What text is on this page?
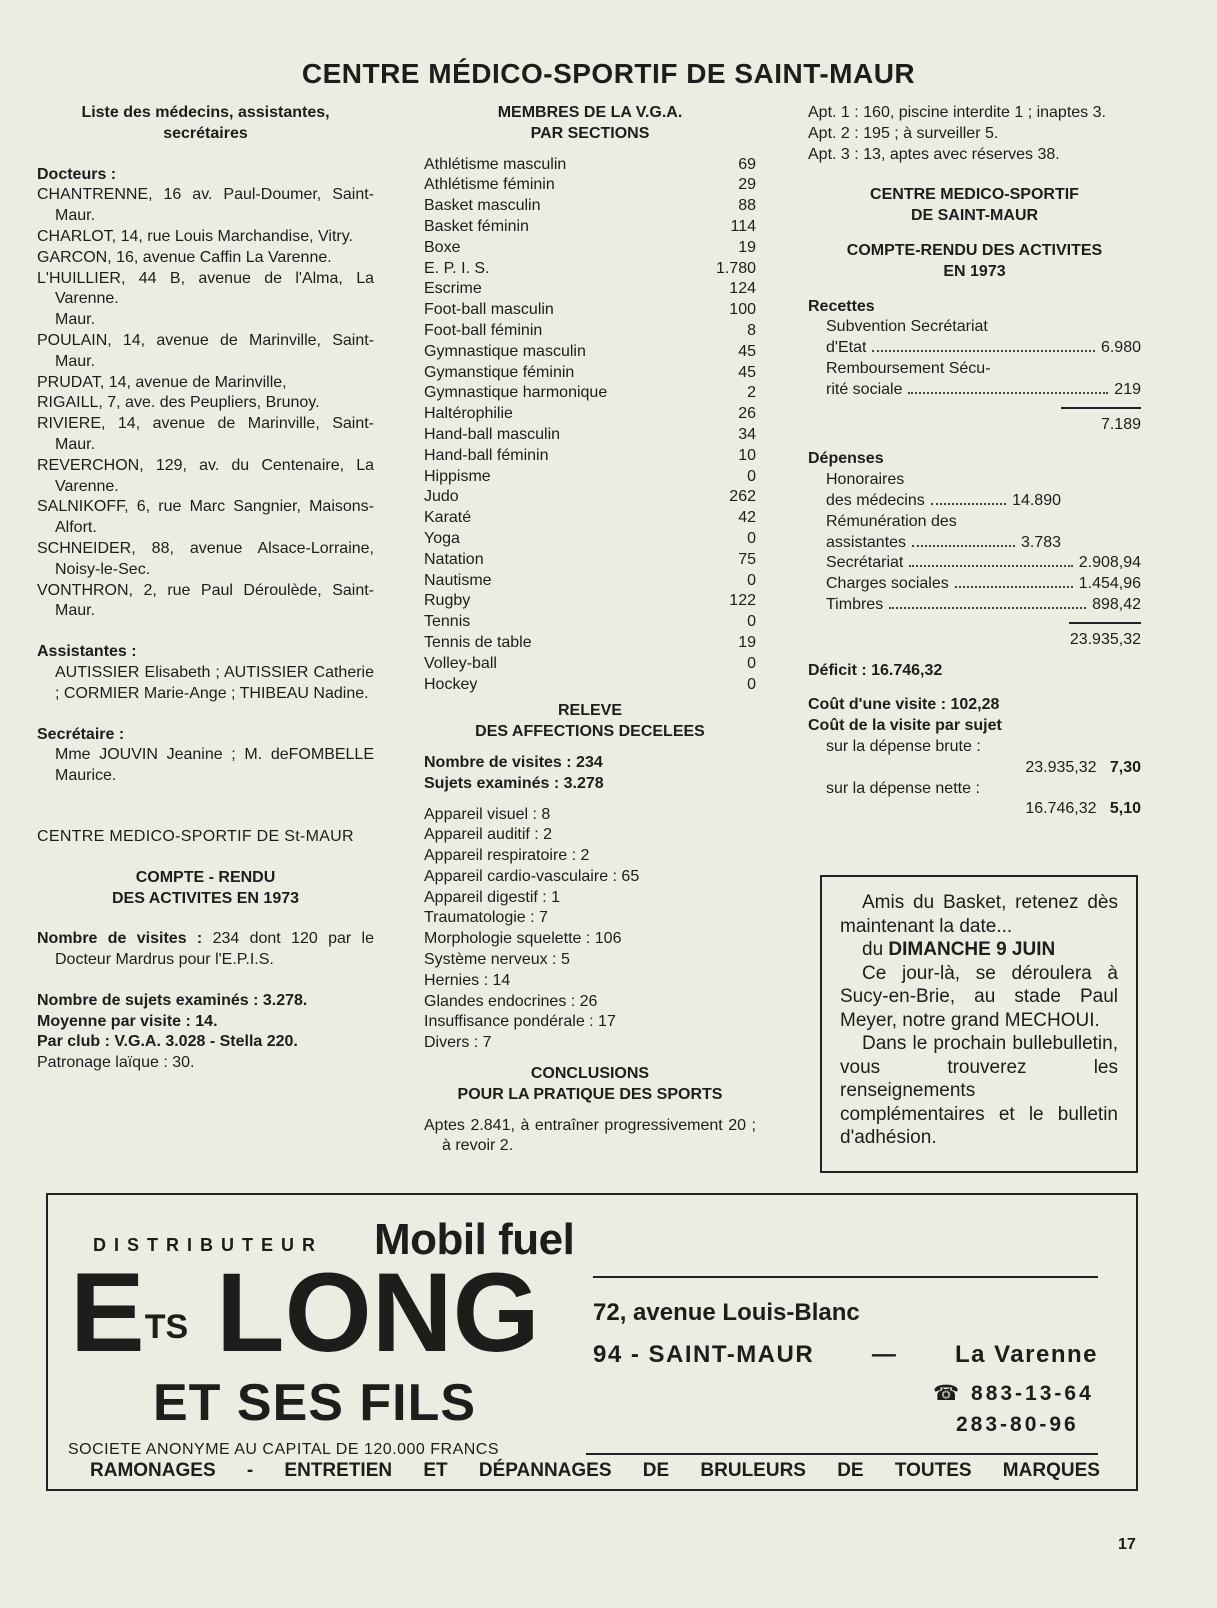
CENTRE MÉDICO-SPORTIF DE SAINT-MAUR
Liste des médecins, assistantes, secrétaires
Docteurs :
CHANTRENNE, 16 av. Paul-Doumer, Saint-Maur.
CHARLOT, 14, rue Louis Marchandise, Vitry.
GARCON, 16, avenue Caffin La Varenne.
L'HUILLIER, 44 B, avenue de l'Alma, La Varenne.
Maur.
POULAIN, 14, avenue de Marinville, Saint-Maur.
PRUDAT, 14, avenue de Marinville,
RIGAILL, 7, ave. des Peupliers, Brunoy.
RIVIERE, 14, avenue de Marinville, Saint-Maur.
REVERCHON, 129, av. du Centenaire, La Varenne.
SALNIKOFF, 6, rue Marc Sangnier, Maisons-Alfort.
SCHNEIDER, 88, avenue Alsace-Lorraine, Noisy-le-Sec.
VONTHRON, 2, rue Paul Déroulède, Saint-Maur.
Assistantes :
AUTISSIER Elisabeth ; AUTISSIER Catherie ; CORMIER Marie-Ange ; THIBEAU Nadine.
Secrétaire :
Mme JOUVIN Jeanine ; M. deFOMBELLE Maurice.
CENTRE MEDICO-SPORTIF DE St-MAUR
COMPTE - RENDU
DES ACTIVITES EN 1973
Nombre de visites : 234 dont 120 par le Docteur Mardrus pour l'E.P.I.S.
Nombre de sujets examinés : 3.278.
Moyenne par visite : 14.
Par club : V.G.A. 3.028 - Stella 220.
Patronage laïque : 30.
MEMBRES DE LA V.G.A.
PAR SECTIONS
Athlétisme masculin	69
Athlétisme féminin	29
Basket masculin	88
Basket féminin	114
Boxe	19
E. P. I. S.	1.780
Escrime	124
Foot-ball masculin	100
Foot-ball féminin	8
Gymnastique masculin	45
Gymanstique féminin	45
Gymnastique harmonique	2
Haltérophilie	26
Hand-ball masculin	34
Hand-ball féminin	10
Hippisme	0
Judo	262
Karaté	42
Yoga	0
Natation	75
Nautisme	0
Rugby	122
Tennis	0
Tennis de table	19
Volley-ball	0
Hockey	0
RELEVE
DES AFFECTIONS DECELEES
Nombre de visites : 234
Sujets examinés : 3.278
Appareil visuel : 8
Appareil auditif : 2
Appareil respiratoire : 2
Appareil cardio-vasculaire : 65
Appareil digestif : 1
Traumatologie : 7
Morphologie squelette : 106
Système nerveux : 5
Hernies : 14
Glandes endocrines : 26
Insuffisance pondérale : 17
Divers : 7
CONCLUSIONS
POUR LA PRATIQUE DES SPORTS
Aptes 2.841, à entraîner progressivement 20 ; à revoir 2.
Apt. 1 : 160, piscine interdite 1 ; inaptes 3.
Apt. 2 : 195 ; à surveiller 5.
Apt. 3 : 13, aptes avec réserves 38.
CENTRE MEDICO-SPORTIF
DE SAINT-MAUR
COMPTE-RENDU DES ACTIVITES
EN 1973
Recettes
Subvention Secrétariat
d'Etat	6.980
Remboursement Sécu-
rité sociale	219
7.189
Dépenses
Honoraires
des médecins	14.890
Rémunération des
assistantes	3.783
Secrétariat	2.908,94
Charges sociales	1.454,96
Timbres	898,42
23.935,32
Déficit : 16.746,32
Coût d'une visite : 102,28
Coût de la visite par sujet
sur la dépense brute :
23.935,32 7,30
sur la dépense nette :
16.746,32 5,10
Amis du Basket, retenez dès maintenant la date...
du DIMANCHE 9 JUIN
Ce jour-là, se déroulera à Sucy-en-Brie, au stade Paul Meyer, notre grand MECHOUI.
Dans le prochain bullebulletin, vous trouverez les renseignements complémentaires et le bulletin d'adhésion.
DISTRIBUTEUR Mobil fuel
$E^{TS}$ LONG
ET SES FILS
72, avenue Louis-Blanc
94 - SAINT-MAUR — La Varenne
☎ 883-13-64
283-80-96
SOCIETE ANONYME AU CAPITAL DE 120.000 FRANCS
RAMONAGES - ENTRETIEN ET DÉPANNAGES DE BRULEURS DE TOUTES MARQUES
17
